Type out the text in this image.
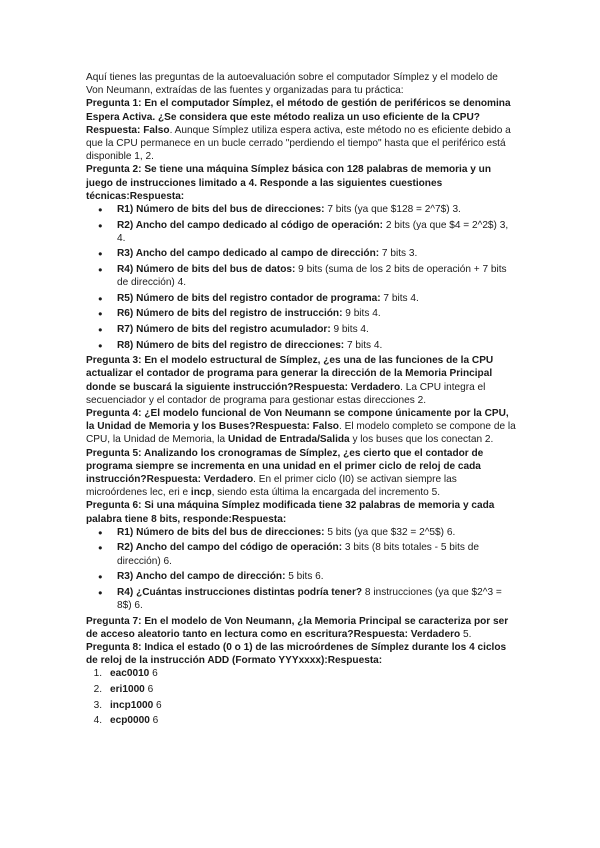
Aquí tienes las preguntas de la autoevaluación sobre el computador Símplez y el modelo de Von Neumann, extraídas de las fuentes y organizadas para tu práctica:

Pregunta 1: En el computador Símplez, el método de gestión de periféricos se denomina Espera Activa. ¿Se considera que este método realiza un uso eficiente de la CPU?Respuesta: Falso. Aunque Símplez utiliza espera activa, este método no es eficiente debido a que la CPU permanece en un bucle cerrado "perdiendo el tiempo" hasta que el periférico está disponible 1, 2.

Pregunta 2: Se tiene una máquina Símplez básica con 128 palabras de memoria y un juego de instrucciones limitado a 4. Responde a las siguientes cuestiones técnicas:Respuesta:

● R1) Número de bits del bus de direcciones: 7 bits (ya que $128 = 2^7$) 3.
● R2) Ancho del campo dedicado al código de operación: 2 bits (ya que $4 = 2^2$) 3, 4.
● R3) Ancho del campo dedicado al campo de dirección: 7 bits 3.
● R4) Número de bits del bus de datos: 9 bits (suma de los 2 bits de operación + 7 bits de dirección) 4.
● R5) Número de bits del registro contador de programa: 7 bits 4.
● R6) Número de bits del registro de instrucción: 9 bits 4.
● R7) Número de bits del registro acumulador: 9 bits 4.
● R8) Número de bits del registro de direcciones: 7 bits 4.

Pregunta 3: En el modelo estructural de Símplez, ¿es una de las funciones de la CPU actualizar el contador de programa para generar la dirección de la Memoria Principal donde se buscará la siguiente instrucción?Respuesta: Verdadero. La CPU integra el secuenciador y el contador de programa para gestionar estas direcciones 2.

Pregunta 4: ¿El modelo funcional de Von Neumann se compone únicamente por la CPU, la Unidad de Memoria y los Buses?Respuesta: Falso. El modelo completo se compone de la CPU, la Unidad de Memoria, la Unidad de Entrada/Salida y los buses que los conectan 2.

Pregunta 5: Analizando los cronogramas de Símplez, ¿es cierto que el contador de programa siempre se incrementa en una unidad en el primer ciclo de reloj de cada instrucción?Respuesta: Verdadero. En el primer ciclo (I0) se activan siempre las microórdenes lec, eri e incp, siendo esta última la encargada del incremento 5.

Pregunta 6: Si una máquina Símplez modificada tiene 32 palabras de memoria y cada palabra tiene 8 bits, responde:Respuesta:

● R1) Número de bits del bus de direcciones: 5 bits (ya que $32 = 2^5$) 6.
● R2) Ancho del campo del código de operación: 3 bits (8 bits totales - 5 bits de dirección) 6.
● R3) Ancho del campo de dirección: 5 bits 6.
● R4) ¿Cuántas instrucciones distintas podría tener? 8 instrucciones (ya que $2^3 = 8$) 6.

Pregunta 7: En el modelo de Von Neumann, ¿la Memoria Principal se caracteriza por ser de acceso aleatorio tanto en lectura como en escritura?Respuesta: Verdadero 5.

Pregunta 8: Indica el estado (0 o 1) de las microórdenes de Símplez durante los 4 ciclos de reloj de la instrucción ADD (Formato YYYxxxx):Respuesta:

1. eac0010 6
2. eri1000 6
3. incp1000 6
4. ecp0000 6
